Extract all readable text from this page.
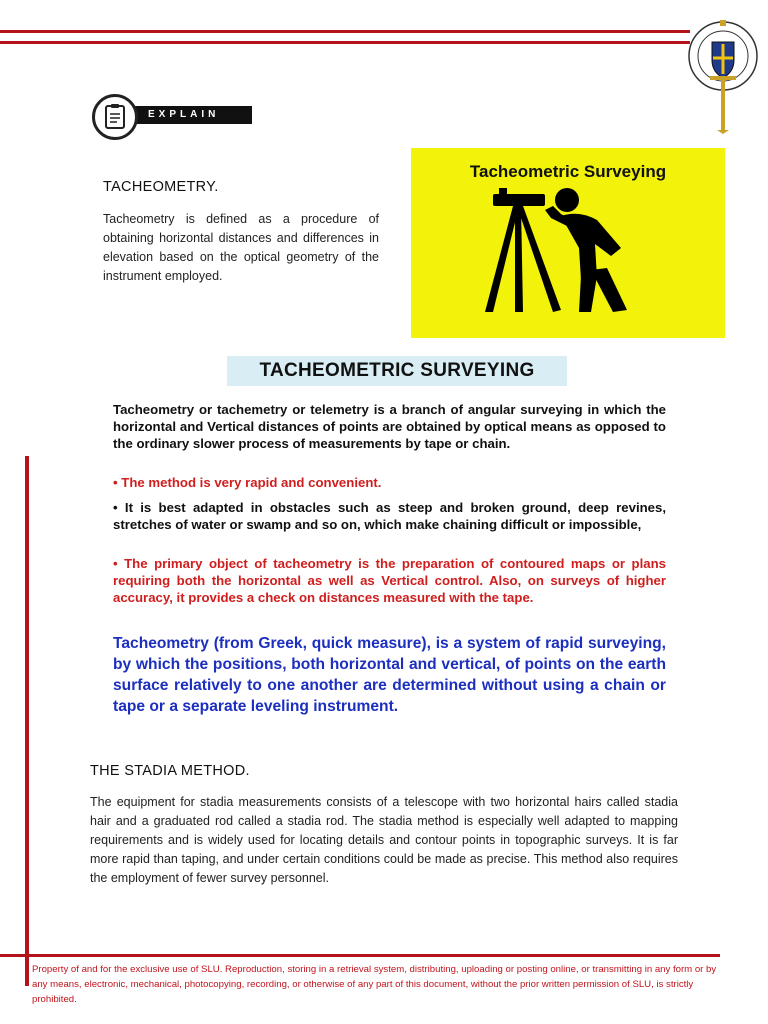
EXPLAIN
TACHEOMETRY.
Tacheometry is defined as a procedure of obtaining horizontal distances and differences in elevation based on the optical geometry of the instrument employed.
Tacheometric Surveying
TACHEOMETRIC SURVEYING
Tacheometry or tachemetry or telemetry is a branch of angular surveying in which the horizontal and Vertical distances of points are obtained by optical means as opposed to the ordinary slower process of measurements by tape or chain.
• The method is very rapid and convenient.
• It is best adapted in obstacles such as steep and broken ground, deep revines, stretches of water or swamp and so on, which make chaining difficult or impossible,
• The primary object of tacheometry is the preparation of contoured maps or plans requiring both the horizontal as well as Vertical control. Also, on surveys of higher accuracy, it provides a check on distances measured with the tape.
Tacheometry (from Greek, quick measure), is a system of rapid surveying, by which the positions, both horizontal and vertical, of points on the earth surface relatively to one another are determined without using a chain or tape or a separate leveling instrument.
THE STADIA METHOD.
The equipment for stadia measurements consists of a telescope with two horizontal hairs called stadia hair and a graduated rod called a stadia rod. The stadia method is especially well adapted to mapping requirements and is widely used for locating details and contour points in topographic surveys. It is far more rapid than taping, and under certain conditions could be made as precise. This method also requires the employment of fewer survey personnel.
Property of and for the exclusive use of SLU. Reproduction, storing in a retrieval system, distributing, uploading or posting online, or transmitting in any form or by any means, electronic, mechanical, photocopying, recording, or otherwise of any part of this document, without the prior written permission of SLU, is strictly prohibited.
